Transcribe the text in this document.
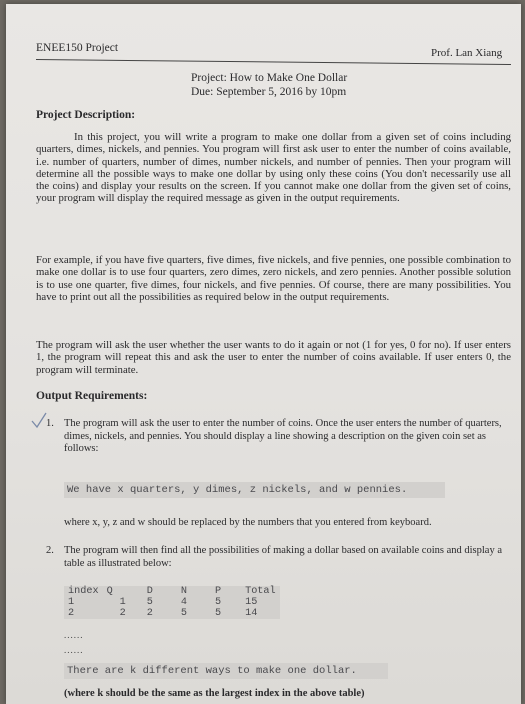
ENEE150 Project	Prof. Lan Xiang
Project: How to Make One Dollar
Due: September 5, 2016 by 10pm
Project Description:
In this project, you will write a program to make one dollar from a given set of coins including quarters, dimes, nickels, and pennies. You program will first ask user to enter the number of coins available, i.e. number of quarters, number of dimes, number nickels, and number of pennies. Then your program will determine all the possible ways to make one dollar by using only these coins (You don't necessarily use all the coins) and display your results on the screen. If you cannot make one dollar from the given set of coins, your program will display the required message as given in the output requirements.
For example, if you have five quarters, five dimes, five nickels, and five pennies, one possible combination to make one dollar is to use four quarters, zero dimes, zero nickels, and zero pennies. Another possible solution is to use one quarter, five dimes, four nickels, and five pennies. Of course, there are many possibilities. You have to print out all the possibilities as required below in the output requirements.
The program will ask the user whether the user wants to do it again or not (1 for yes, 0 for no). If user enters 1, the program will repeat this and ask the user to enter the number of coins available. If user enters 0, the program will terminate.
Output Requirements:
1. The program will ask the user to enter the number of coins. Once the user enters the number of quarters, dimes, nickels, and pennies. You should display a line showing a description on the given coin set as follows:
We have x quarters, y dimes, z nickels, and w pennies.
where x, y, z and w should be replaced by the numbers that you entered from keyboard.
2. The program will then find all the possibilities of making a dollar based on available coins and display a table as illustrated below:
index	Q	D	N	P	Total
1	1	5	4	5	15
2	2	2	5	5	14
......
......
There are k different ways to make one dollar.
(where k should be the same as the largest index in the above table)
